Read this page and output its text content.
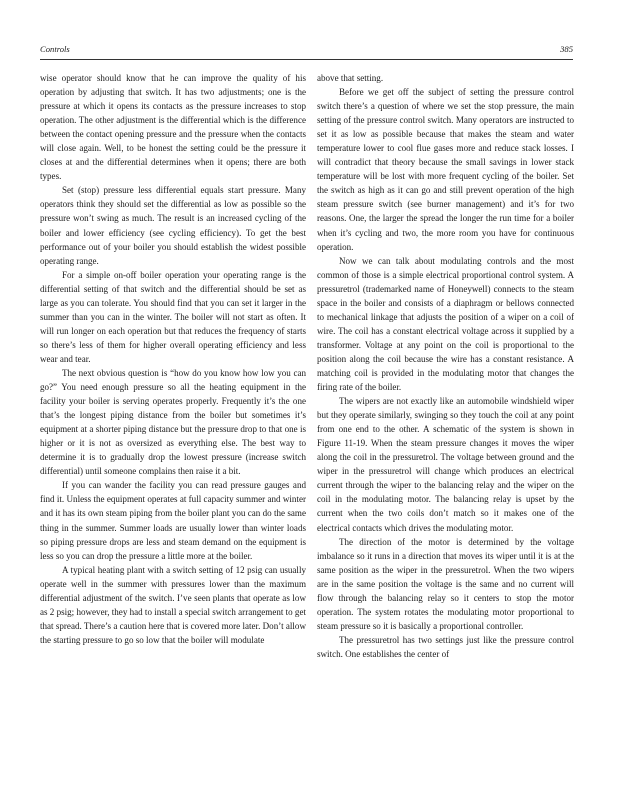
Controls	385

wise operator should know that he can improve the quality of his operation by adjusting that switch. It has two adjustments; one is the pressure at which it opens its contacts as the pressure increases to stop operation. The other adjustment is the differential which is the difference between the contact opening pressure and the pressure when the contacts will close again. Well, to be honest the setting could be the pressure it closes at and the differential determines when it opens; there are both types.

Set (stop) pressure less differential equals start pressure. Many operators think they should set the differential as low as possible so the pressure won’t swing as much. The result is an increased cycling of the boiler and lower efficiency (see cycling efficiency). To get the best performance out of your boiler you should establish the widest possible operating range.

For a simple on-off boiler operation your operating range is the differential setting of that switch and the differential should be set as large as you can tolerate. You should find that you can set it larger in the summer than you can in the winter. The boiler will not start as often. It will run longer on each operation but that reduces the frequency of starts so there’s less of them for higher overall operating efficiency and less wear and tear.

The next obvious question is “how do you know how low you can go?” You need enough pressure so all the heating equipment in the facility your boiler is serving operates properly. Frequently it’s the one that’s the longest piping distance from the boiler but sometimes it’s equipment at a shorter piping distance but the pressure drop to that one is higher or it is not as oversized as everything else. The best way to determine it is to gradually drop the lowest pressure (increase switch differential) until someone complains then raise it a bit.

If you can wander the facility you can read pressure gauges and find it. Unless the equipment operates at full capacity summer and winter and it has its own steam piping from the boiler plant you can do the same thing in the summer. Summer loads are usually lower than winter loads so piping pressure drops are less and steam demand on the equipment is less so you can drop the pressure a little more at the boiler.

A typical heating plant with a switch setting of 12 psig can usually operate well in the summer with pressures lower than the maximum differential adjustment of the switch. I’ve seen plants that operate as low as 2 psig; however, they had to install a special switch arrangement to get that spread. There’s a caution here that is covered more later. Don’t allow the starting pressure to go so low that the boiler will modulate

above that setting.

Before we get off the subject of setting the pressure control switch there’s a question of where we set the stop pressure, the main setting of the pressure control switch. Many operators are instructed to set it as low as possible because that makes the steam and water temperature lower to cool flue gases more and reduce stack losses. I will contradict that theory because the small savings in lower stack temperature will be lost with more frequent cycling of the boiler. Set the switch as high as it can go and still prevent operation of the high steam pressure switch (see burner management) and it’s for two reasons. One, the larger the spread the longer the run time for a boiler when it’s cycling and two, the more room you have for continuous operation.

Now we can talk about modulating controls and the most common of those is a simple electrical proportional control system. A pressuretrol (trademarked name of Honeywell) connects to the steam space in the boiler and consists of a diaphragm or bellows connected to mechanical linkage that adjusts the position of a wiper on a coil of wire. The coil has a constant electrical voltage across it supplied by a transformer. Voltage at any point on the coil is proportional to the position along the coil because the wire has a constant resistance. A matching coil is provided in the modulating motor that changes the firing rate of the boiler.

The wipers are not exactly like an automobile windshield wiper but they operate similarly, swinging so they touch the coil at any point from one end to the other. A schematic of the system is shown in Figure 11-19. When the steam pressure changes it moves the wiper along the coil in the pressuretrol. The voltage between ground and the wiper in the pressuretrol will change which produces an electrical current through the wiper to the balancing relay and the wiper on the coil in the modulating motor. The balancing relay is upset by the current when the two coils don’t match so it makes one of the electrical contacts which drives the modulating motor.

The direction of the motor is determined by the voltage imbalance so it runs in a direction that moves its wiper until it is at the same position as the wiper in the pressuretrol. When the two wipers are in the same position the voltage is the same and no current will flow through the balancing relay so it centers to stop the motor operation. The system rotates the modulating motor proportional to steam pressure so it is basically a proportional controller.

The pressuretrol has two settings just like the pressure control switch. One establishes the center of
